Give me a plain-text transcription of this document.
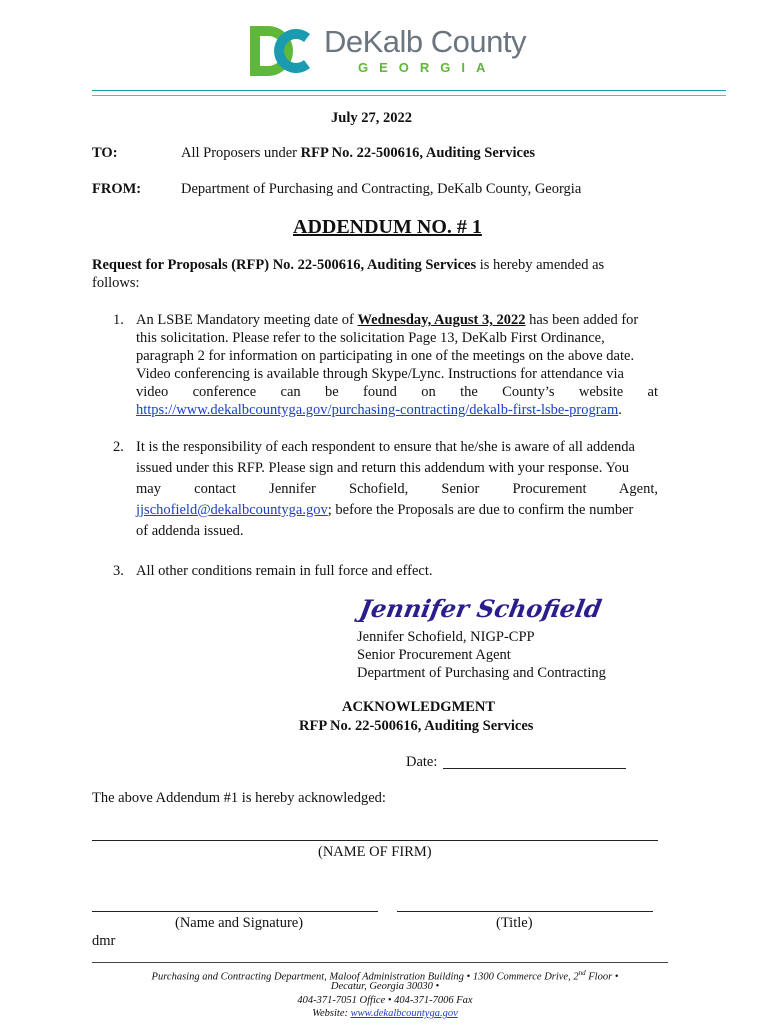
DeKalb County
GEORGIA
July 27, 2022
TO:	All Proposers under RFP No. 22-500616, Auditing Services
FROM:	Department of Purchasing and Contracting, DeKalb County, Georgia
ADDENDUM NO. # 1
Request for Proposals (RFP) No. 22-500616, Auditing Services is hereby amended as
follows:
1. An LSBE Mandatory meeting date of Wednesday, August 3, 2022 has been added for
this solicitation. Please refer to the solicitation Page 13, DeKalb First Ordinance,
paragraph 2 for information on participating in one of the meetings on the above date.
Video conferencing is available through Skype/Lync. Instructions for attendance via
video conference can be found on the County’s website at
https://www.dekalbcountyga.gov/purchasing-contracting/dekalb-first-lsbe-program.
2. It is the responsibility of each respondent to ensure that he/she is aware of all addenda
issued under this RFP. Please sign and return this addendum with your response. You
may contact Jennifer Schofield, Senior Procurement Agent,
jjschofield@dekalbcountyga.gov; before the Proposals are due to confirm the number
of addenda issued.
3. All other conditions remain in full force and effect.
Jennifer Schofield
Jennifer Schofield, NIGP-CPP
Senior Procurement Agent
Department of Purchasing and Contracting
ACKNOWLEDGMENT
RFP No. 22-500616, Auditing Services
Date:
The above Addendum #1 is hereby acknowledged:
(NAME OF FIRM)
(Name and Signature)	(Title)
dmr
Purchasing and Contracting Department, Maloof Administration Building • 1300 Commerce Drive, 2nd Floor •
Decatur, Georgia 30030 •
404-371-7051 Office • 404-371-7006 Fax
Website: www.dekalbcountyga.gov
